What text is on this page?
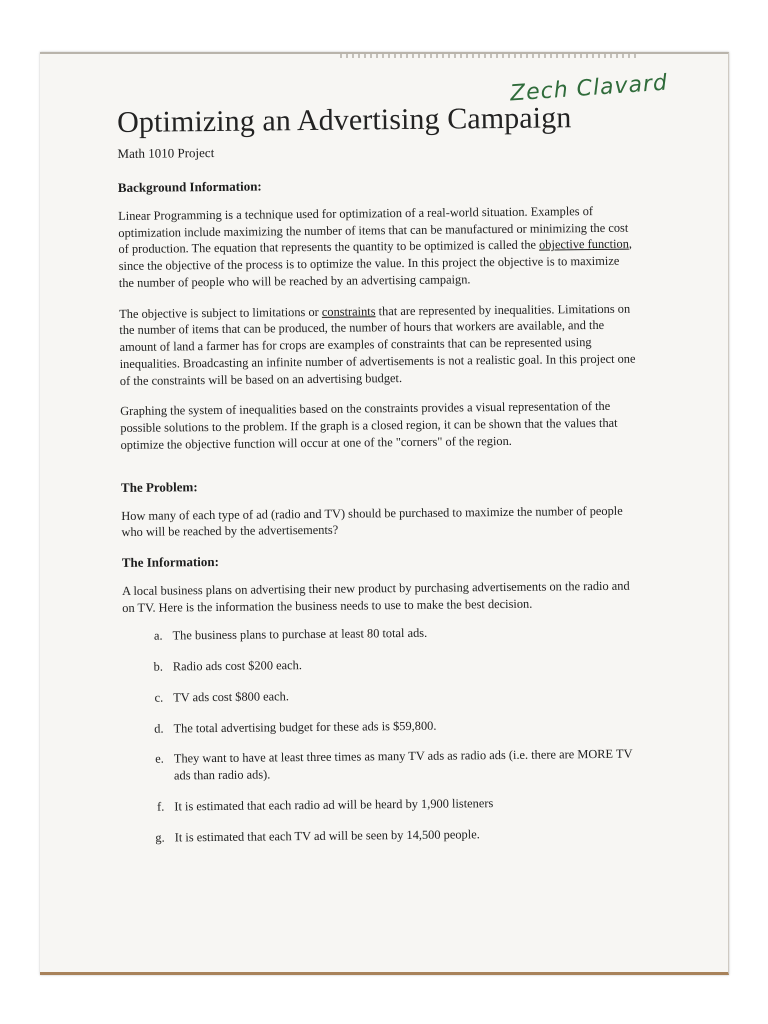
Zech Clavard
Optimizing an Advertising Campaign
Math 1010 Project
Background Information:

Linear Programming is a technique used for optimization of a real-world situation. Examples of optimization include maximizing the number of items that can be manufactured or minimizing the cost of production. The equation that represents the quantity to be optimized is called the objective function, since the objective of the process is to optimize the value. In this project the objective is to maximize the number of people who will be reached by an advertising campaign.

The objective is subject to limitations or constraints that are represented by inequalities. Limitations on the number of items that can be produced, the number of hours that workers are available, and the amount of land a farmer has for crops are examples of constraints that can be represented using inequalities. Broadcasting an infinite number of advertisements is not a realistic goal. In this project one of the constraints will be based on an advertising budget.

Graphing the system of inequalities based on the constraints provides a visual representation of the possible solutions to the problem. If the graph is a closed region, it can be shown that the values that optimize the objective function will occur at one of the "corners" of the region.

The Problem:

How many of each type of ad (radio and TV) should be purchased to maximize the number of people who will be reached by the advertisements?

The Information:

A local business plans on advertising their new product by purchasing advertisements on the radio and on TV. Here is the information the business needs to use to make the best decision.

a. The business plans to purchase at least 80 total ads.
b. Radio ads cost $200 each.
c. TV ads cost $800 each.
d. The total advertising budget for these ads is $59,800.
e. They want to have at least three times as many TV ads as radio ads (i.e. there are MORE TV ads than radio ads).
f. It is estimated that each radio ad will be heard by 1,900 listeners
g. It is estimated that each TV ad will be seen by 14,500 people.
